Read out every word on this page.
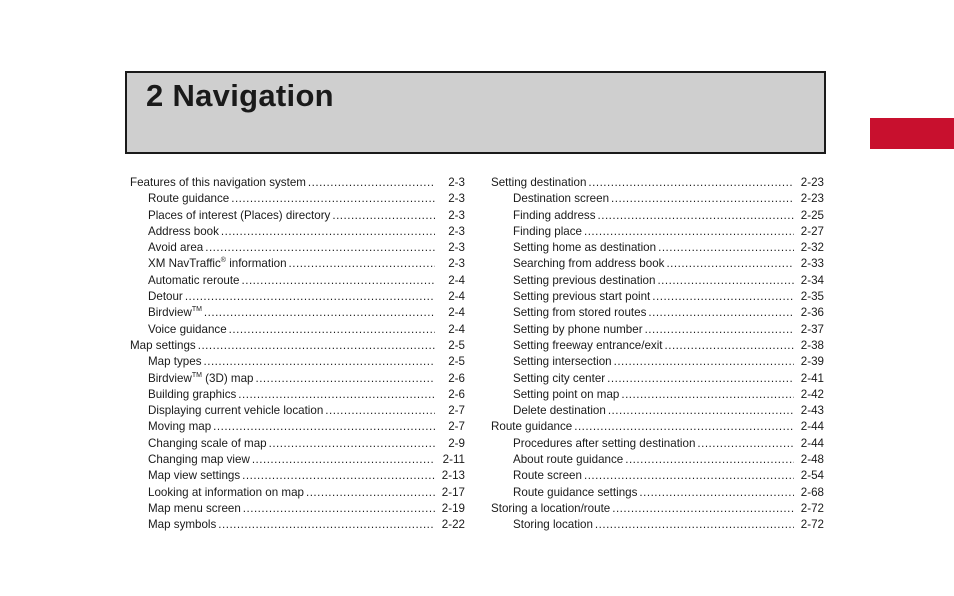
2 Navigation
Features of this navigation system .....	2-3
Route guidance .....	2-3
Places of interest (Places) directory .....	2-3
Address book .....	2-3
Avoid area .....	2-3
XM NavTraffic® information .....	2-3
Automatic reroute .....	2-4
Detour .....	2-4
Birdview™ .....	2-4
Voice guidance .....	2-4
Map settings .....	2-5
Map types .....	2-5
Birdview™ (3D) map .....	2-6
Building graphics .....	2-6
Displaying current vehicle location .....	2-7
Moving map .....	2-7
Changing scale of map .....	2-9
Changing map view .....	2-11
Map view settings .....	2-13
Looking at information on map .....	2-17
Map menu screen .....	2-19
Map symbols .....	2-22
Setting destination .....	2-23
Destination screen .....	2-23
Finding address .....	2-25
Finding place .....	2-27
Setting home as destination .....	2-32
Searching from address book .....	2-33
Setting previous destination .....	2-34
Setting previous start point .....	2-35
Setting from stored routes .....	2-36
Setting by phone number .....	2-37
Setting freeway entrance/exit .....	2-38
Setting intersection .....	2-39
Setting city center .....	2-41
Setting point on map .....	2-42
Delete destination .....	2-43
Route guidance .....	2-44
Procedures after setting destination .....	2-44
About route guidance .....	2-48
Route screen .....	2-54
Route guidance settings .....	2-68
Storing a location/route .....	2-72
Storing location .....	2-72
